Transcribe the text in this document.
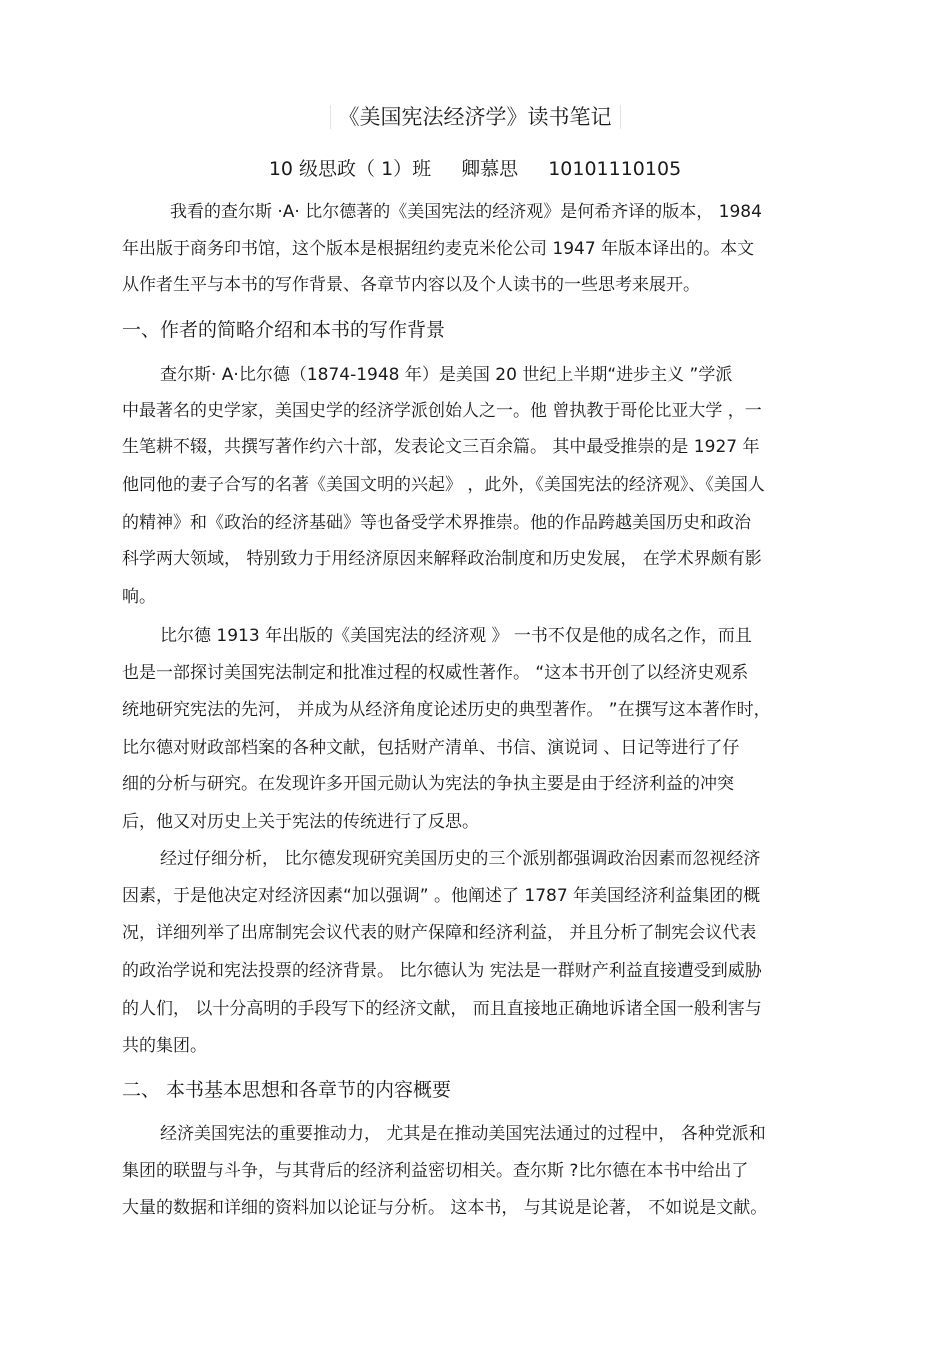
《美国宪法经济学》读书笔记
10 级思政（ 1）班 卿慕思 10101110105
我看的查尔斯 ·A· 比尔德著的《美国宪法的经济观》是何希齐译的版本， 1984
年出版于商务印书馆，这个版本是根据纽约麦克米伦公司 1947 年版本译出的。本文
从作者生平与本书的写作背景、各章节内容以及个人读书的一些思考来展开。
一、作者的简略介绍和本书的写作背景
查尔斯· A·比尔德（1874-1948 年）是美国 20 世纪上半期“进步主义 ”学派
中最著名的史学家，美国史学的经济学派创始人之一。他 曾执教于哥伦比亚大学 ，一
生笔耕不辍，共撰写著作约六十部，发表论文三百余篇。 其中最受推崇的是 1927 年
他同他的妻子合写的名著《美国文明的兴起》 ，此外，《美国宪法的经济观》、《美国人
的精神》和《政治的经济基础》等也备受学术界推崇。他的作品跨越美国历史和政治
科学两大领域， 特别致力于用经济原因来解释政治制度和历史发展， 在学术界颇有影
响。
比尔德 1913 年出版的《美国宪法的经济观 》 一书不仅是他的成名之作，而且
也是一部探讨美国宪法制定和批准过程的权威性著作。 “这本书开创了以经济史观系
统地研究宪法的先河， 并成为从经济角度论述历史的典型著作。 ”在撰写这本著作时，
比尔德对财政部档案的各种文献，包括财产清单、书信、演说词 、日记等进行了仔
细的分析与研究。在发现许多开国元勋认为宪法的争执主要是由于经济利益的冲突
后，他又对历史上关于宪法的传统进行了反思。
经过仔细分析， 比尔德发现研究美国历史的三个派别都强调政治因素而忽视经济
因素，于是他决定对经济因素“加以强调” 。他阐述了 1787 年美国经济利益集团的概
况，详细列举了出席制宪会议代表的财产保障和经济利益， 并且分析了制宪会议代表
的政治学说和宪法投票的经济背景。 比尔德认为 宪法是一群财产利益直接遭受到威胁
的人们， 以十分高明的手段写下的经济文献， 而且直接地正确地诉诸全国一般利害与
共的集团。
二、 本书基本思想和各章节的内容概要
经济美国宪法的重要推动力， 尤其是在推动美国宪法通过的过程中， 各种党派和
集团的联盟与斗争，与其背后的经济利益密切相关。查尔斯 ?比尔德在本书中给出了
大量的数据和详细的资料加以论证与分析。 这本书， 与其说是论著， 不如说是文献。
